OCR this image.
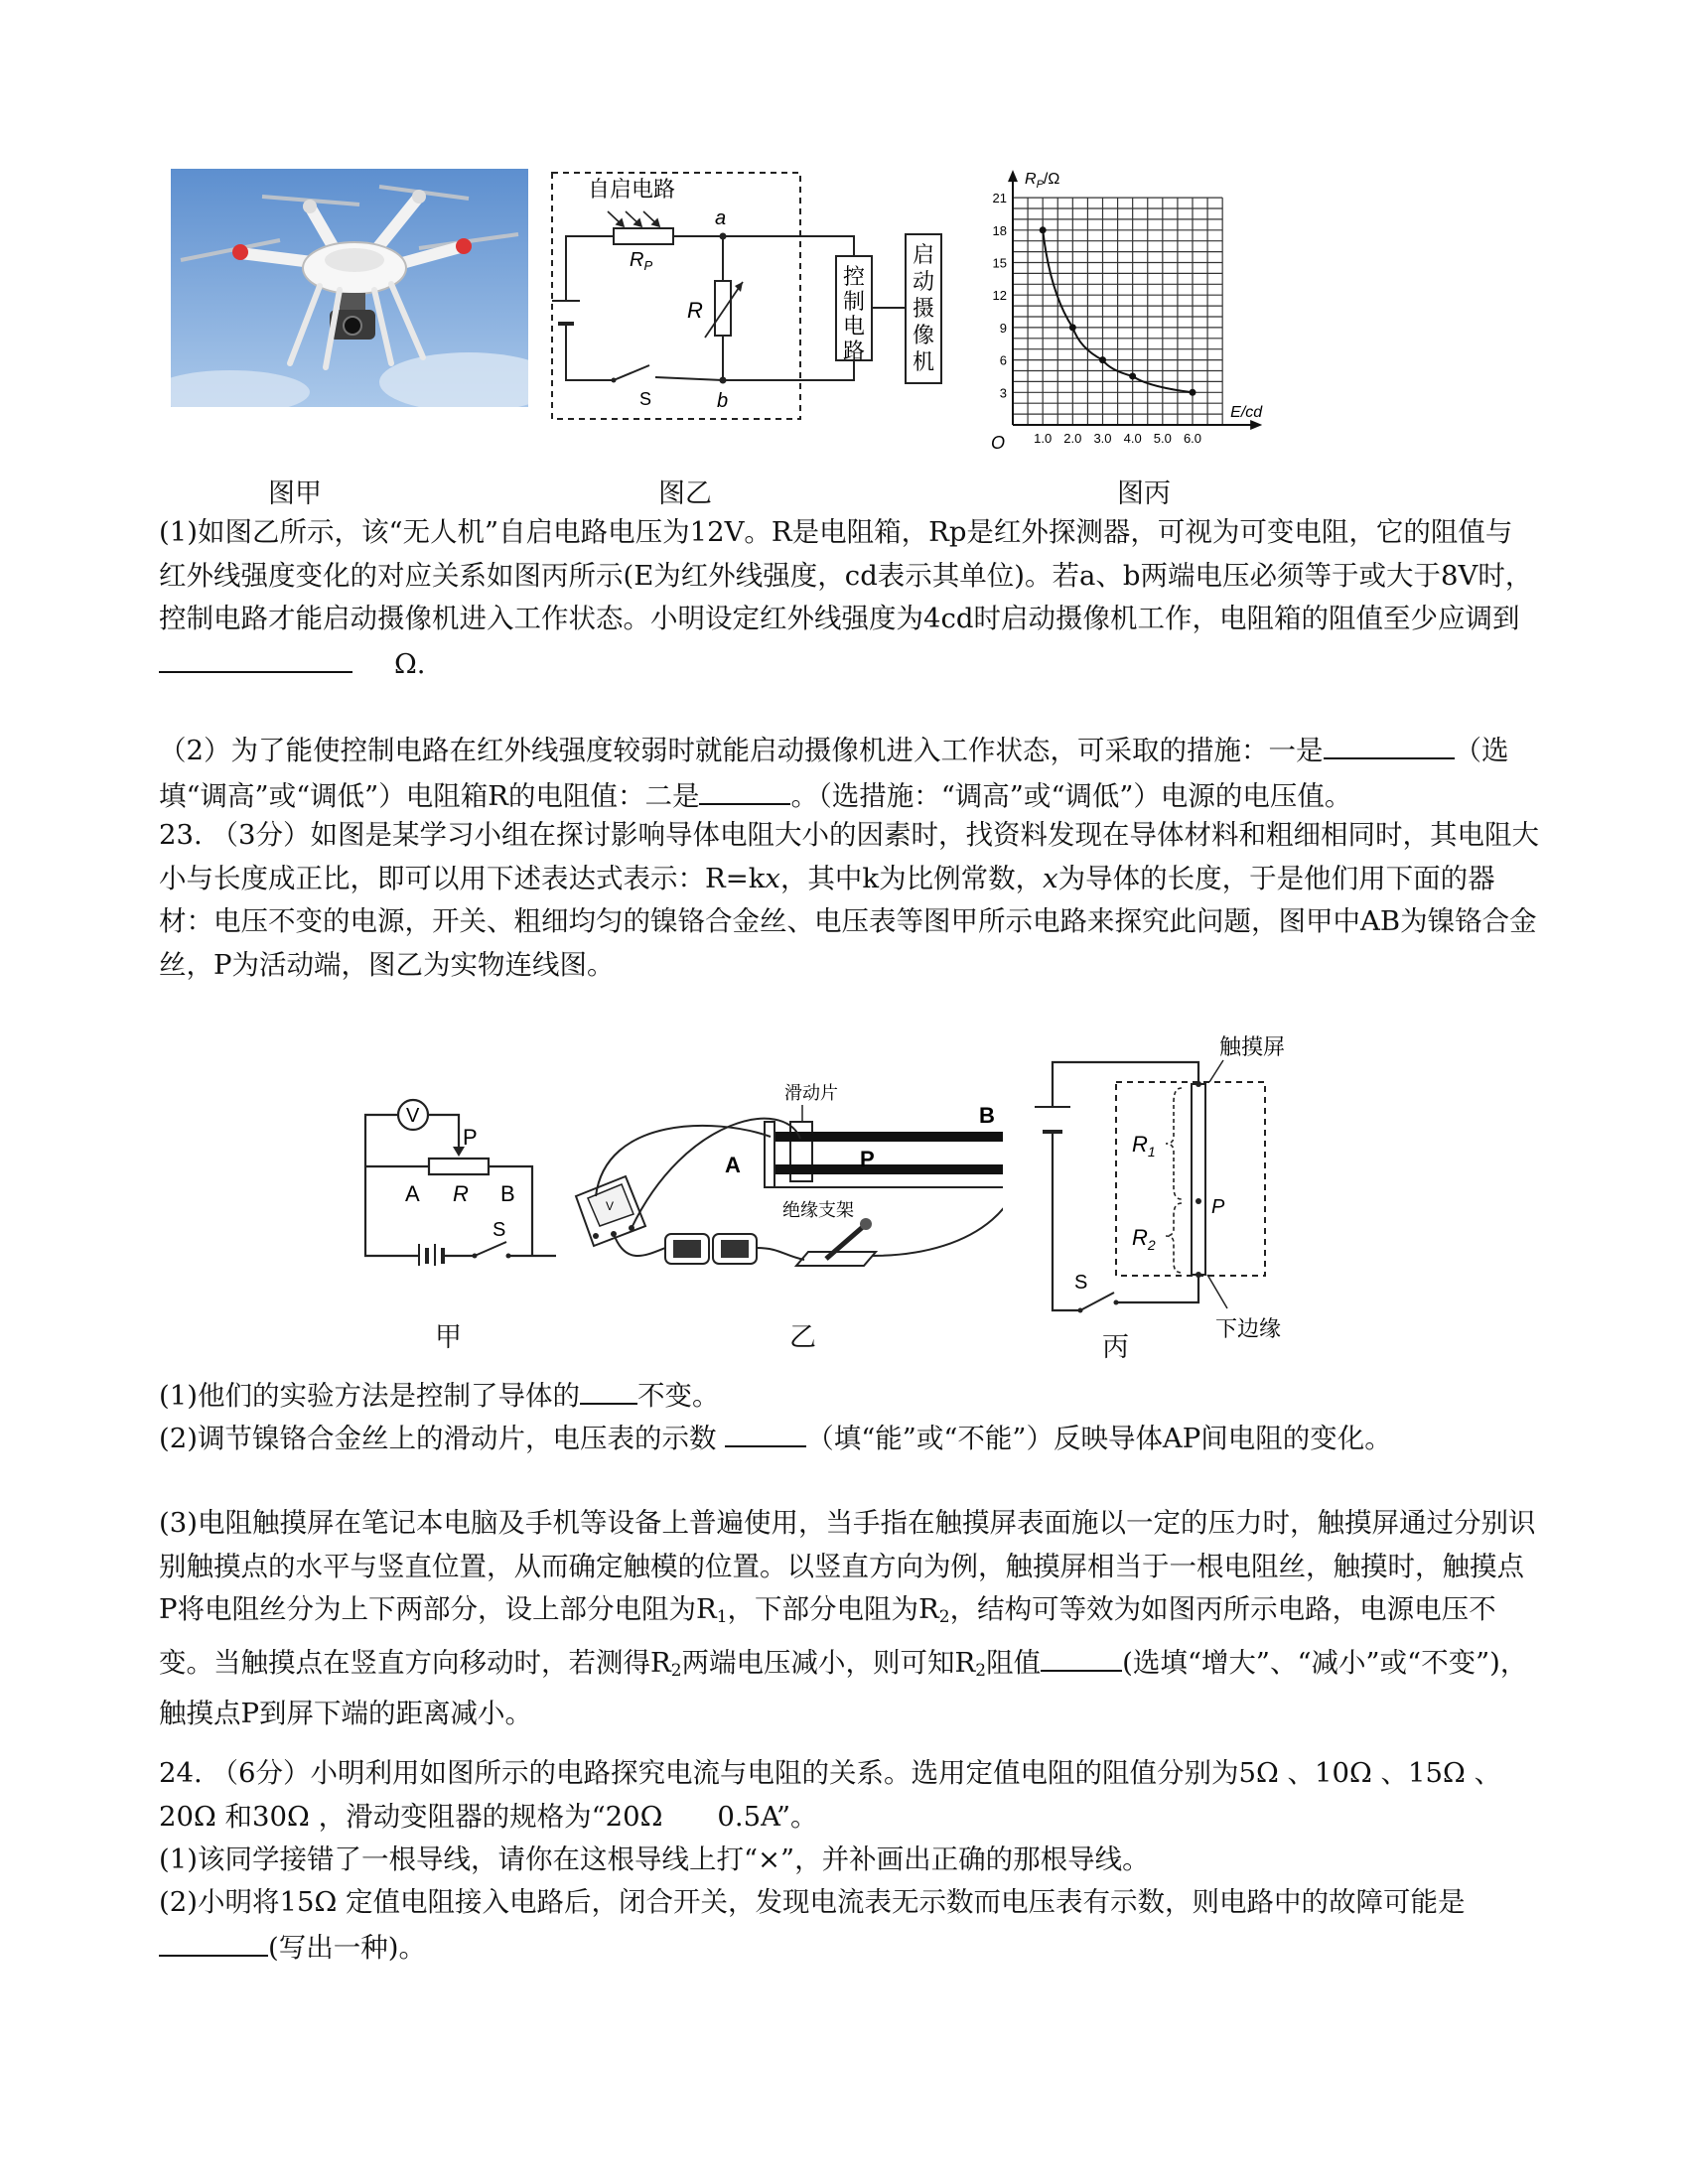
自启电路
$R_P$
R
a
b
S
控制电路
启动摄像机
$R_P/\Omega$
E/cd
O
3
6
9
12
15
18
21
1.0 2.0 3.0 4.0 5.0 6.0
图甲	图乙	图丙

(1)如图乙所示，该“无人机”自启电路电压为12V。R是电阻箱，Rp是红外探测器，可视为可变电阻，它的阻值与红外线强度变化的对应关系如图丙所示(E为红外线强度，cd表示其单位)。若a、b两端电压必须等于或大于8V时，控制电路才能启动摄像机进入工作状态。小明设定红外线强度为4cd时启动摄像机工作，电阻箱的阻值至少应调到Ω.

（2）为了能使控制电路在红外线强度较弱时就能启动摄像机进入工作状态，可采取的措施：一是	（选填“调高”或“调低”）电阻箱R的电阻值：二是	。（选措施：“调高”或“调低”）电源的电压值。

23. （3分）如图是某学习小组在探讨影响导体电阻大小的因素时，找资料发现在导体材料和粗细相同时，其电阻大小与长度成正比，即可以用下述表达式表示：R=kx，其中k为比例常数，x为导体的长度，于是他们用下面的器材：电压不变的电源，开关、粗细均匀的镍铬合金丝、电压表等图甲所示电路来探究此问题，图甲中AB为镍铬合金丝，P为活动端，图乙为实物连线图。

V
P
A R B
S
滑动片
A	P
B
绝缘支架
V
触摸屏
S
$R_1$
$R_2$
P
下边缘
甲	乙	丙

(1)他们的实验方法是控制了导体的 不变。

(2)调节镍铬合金丝上的滑动片，电压表的示数	（填“能”或“不能”）反映导体AP间电阻的变化。

(3)电阻触摸屏在笔记本电脑及手机等设备上普遍使用，当手指在触摸屏表面施以一定的压力时，触摸屏通过分别识别触摸点的水平与竖直位置，从而确定触模的位置。以竖直方向为例，触摸屏相当于一根电阻丝，触摸时，触摸点P将电阻丝分为上下两部分，设上部分电阻为$R_1$，下部分电阻为$R_2$，结构可等效为如图丙所示电路，电源电压不变。当触摸点在竖直方向移动时，若测得$R_2$两端电压减小，则可知$R_2$阻值	(选填“增大”、“减小”或“不变”)，触摸点P到屏下端的距离减小。

24. （6分）小明利用如图所示的电路探究电流与电阻的关系。选用定值电阻的阻值分别为5Ω 、10Ω 、15Ω 、20Ω 和30Ω ，滑动变阻器的规格为“20Ω　　0.5A”。

(1)该同学接错了一根导线，请你在这根导线上打“×”，并补画出正确的那根导线。

(2)小明将15Ω 定值电阻接入电路后，闭合开关，发现电流表无示数而电压表有示数，则电路中的故障可能是 (写出一种)。
